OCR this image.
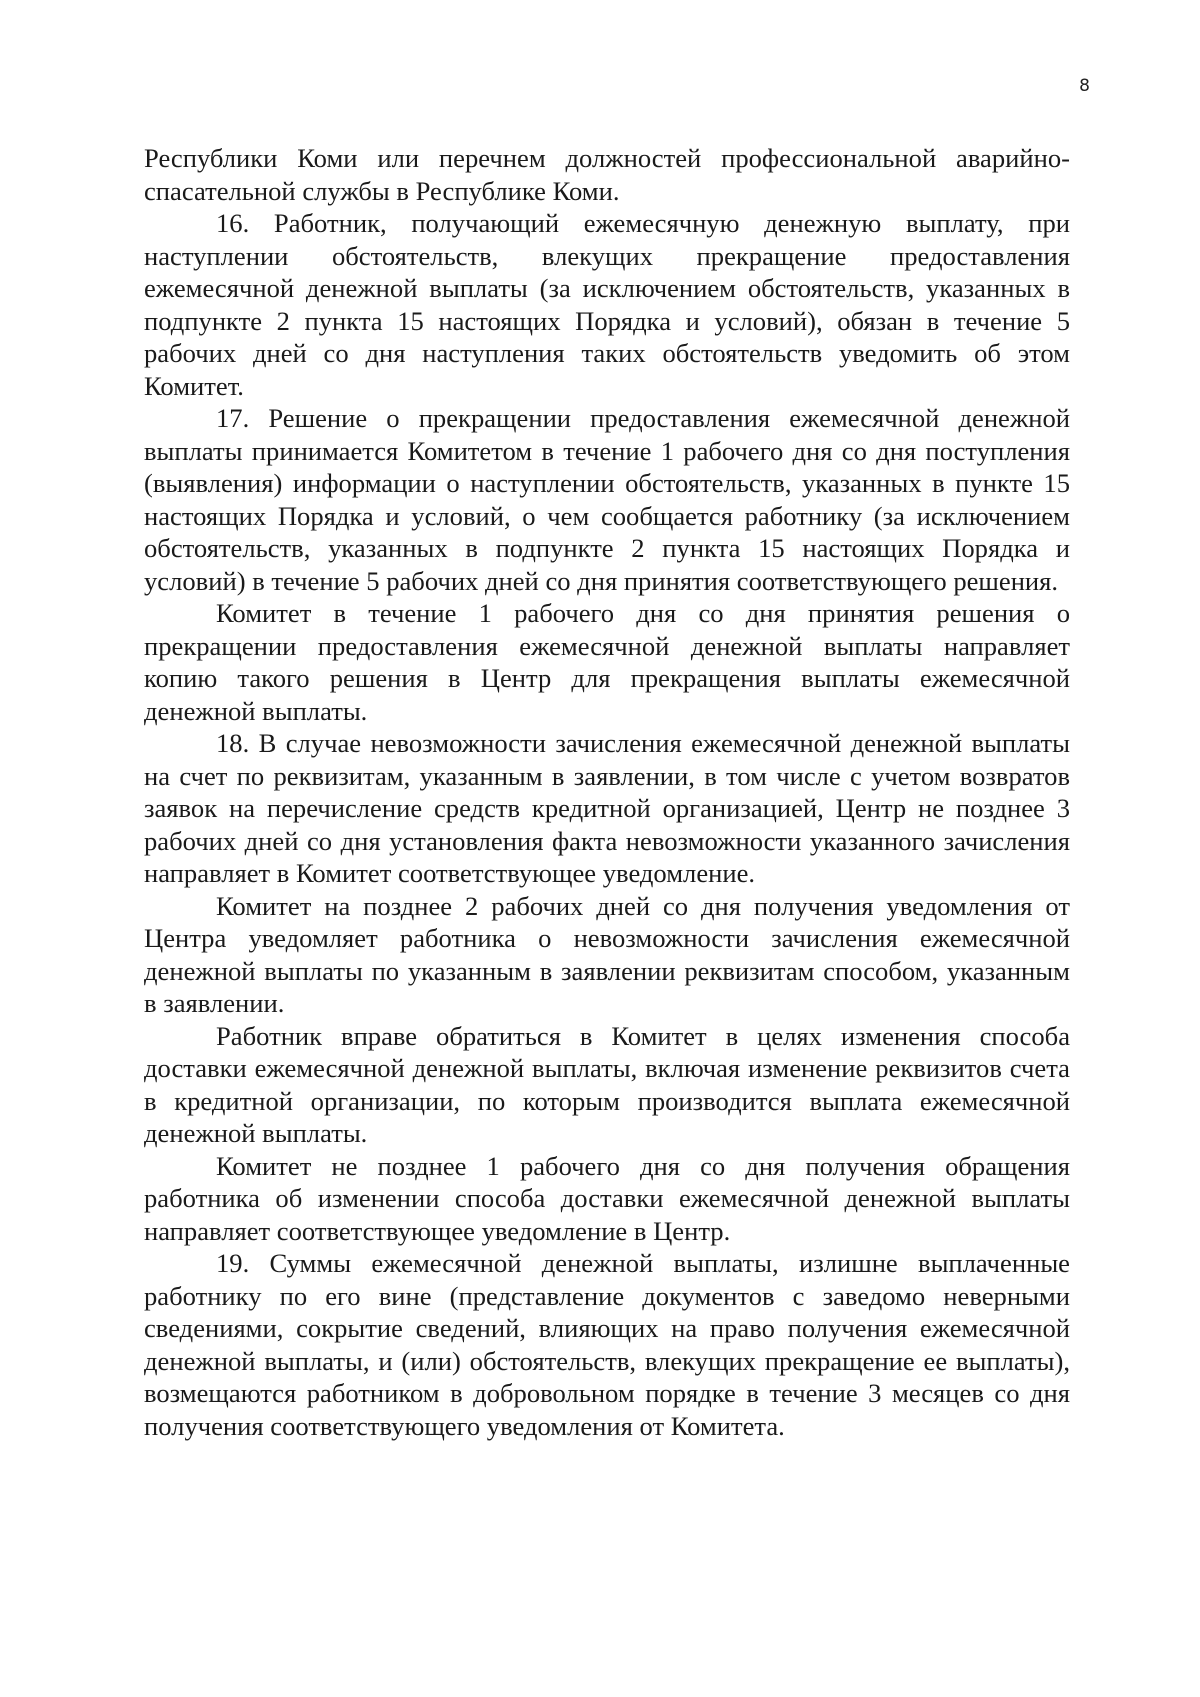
8

Республики Коми или перечнем должностей профессиональной аварийно-спасательной службы в Республике Коми.

16. Работник, получающий ежемесячную денежную выплату, при наступлении обстоятельств, влекущих прекращение предоставления ежемесячной денежной выплаты (за исключением обстоятельств, указанных в подпункте 2 пункта 15 настоящих Порядка и условий), обязан в течение 5 рабочих дней со дня наступления таких обстоятельств уведомить об этом Комитет.

17. Решение о прекращении предоставления ежемесячной денежной выплаты принимается Комитетом в течение 1 рабочего дня со дня поступления (выявления) информации о наступлении обстоятельств, указанных в пункте 15 настоящих Порядка и условий, о чем сообщается работнику (за исключением обстоятельств, указанных в подпункте 2 пункта 15 настоящих Порядка и условий) в течение 5 рабочих дней со дня принятия соответствующего решения.

Комитет в течение 1 рабочего дня со дня принятия решения о прекращении предоставления ежемесячной денежной выплаты направляет копию такого решения в Центр для прекращения выплаты ежемесячной денежной выплаты.

18. В случае невозможности зачисления ежемесячной денежной выплаты на счет по реквизитам, указанным в заявлении, в том числе с учетом возвратов заявок на перечисление средств кредитной организацией, Центр не позднее 3 рабочих дней со дня установления факта невозможности указанного зачисления направляет в Комитет соответствующее уведомление.

Комитет на позднее 2 рабочих дней со дня получения уведомления от Центра уведомляет работника о невозможности зачисления ежемесячной денежной выплаты по указанным в заявлении реквизитам способом, указанным в заявлении.

Работник вправе обратиться в Комитет в целях изменения способа доставки ежемесячной денежной выплаты, включая изменение реквизитов счета в кредитной организации, по которым производится выплата ежемесячной денежной выплаты.

Комитет не позднее 1 рабочего дня со дня получения обращения работника об изменении способа доставки ежемесячной денежной выплаты направляет соответствующее уведомление в Центр.

19. Суммы ежемесячной денежной выплаты, излишне выплаченные работнику по его вине (представление документов с заведомо неверными сведениями, сокрытие сведений, влияющих на право получения ежемесячной денежной выплаты, и (или) обстоятельств, влекущих прекращение ее выплаты), возмещаются работником в добровольном порядке в течение 3 месяцев со дня получения соответствующего уведомления от Комитета.
